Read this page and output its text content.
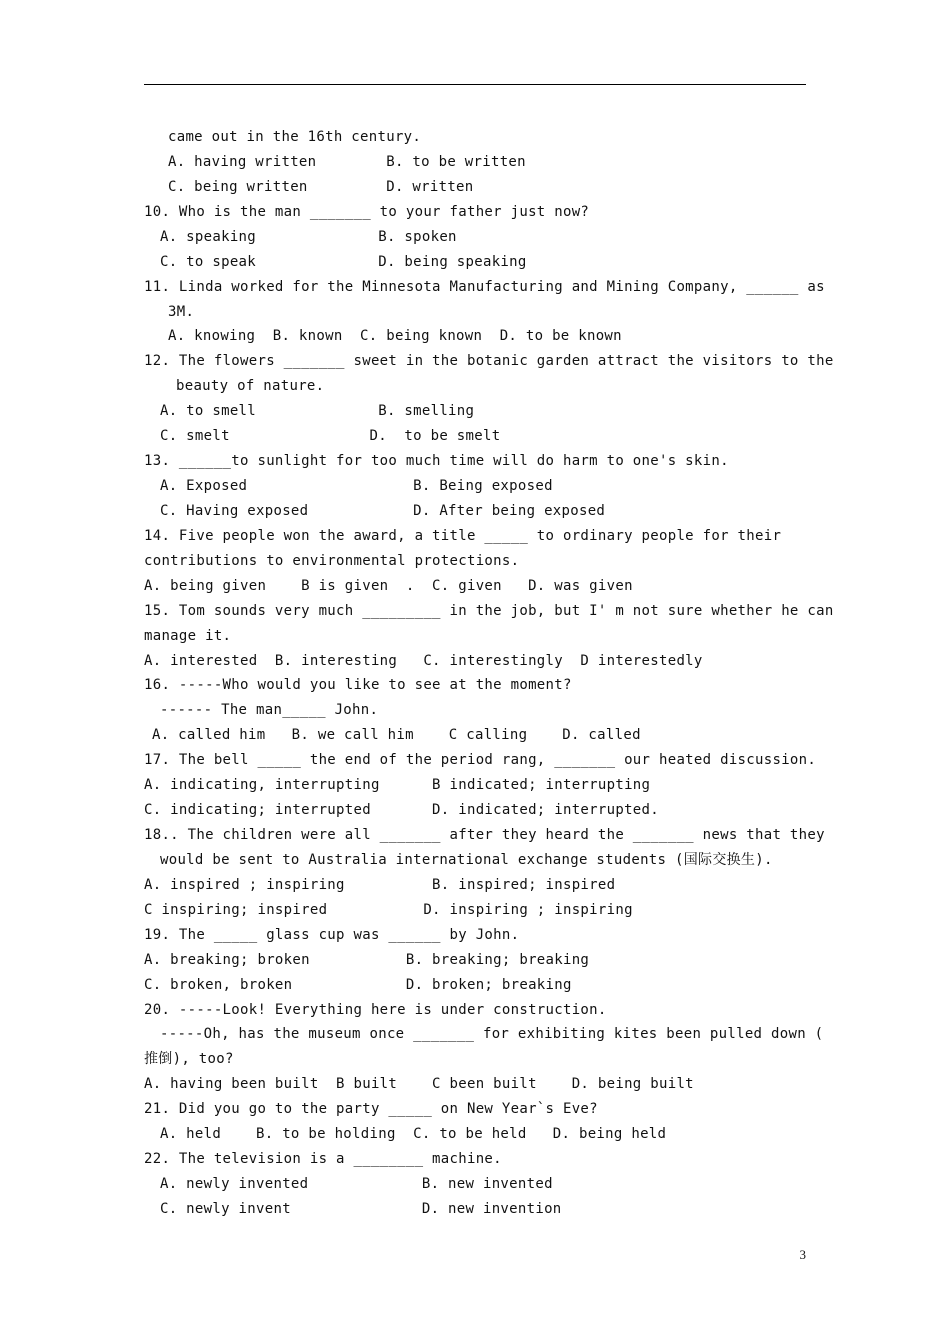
came out in the 16th century.
A. having written        B. to be written
C. being written         D. written
10. Who is the man _______ to your father just now?
A. speaking              B. spoken
C. to speak              D. being speaking
11. Linda worked for the Minnesota Manufacturing and Mining Company, ______ as
3M.
A. knowing  B. known  C. being known  D. to be known
12. The flowers _______ sweet in the botanic garden attract the visitors to the
beauty of nature.
A. to smell              B. smelling
C. smelt                D.  to be smelt
13. ______to sunlight for too much time will do harm to one's skin.
A. Exposed                   B. Being exposed
C. Having exposed            D. After being exposed
14. Five people won the award, a title _____ to ordinary people for their
contributions to environmental protections.
A. being given    B is given  .  C. given   D. was given
15. Tom sounds very much _________ in the job, but I' m not sure whether he can
manage it.
A. interested  B. interesting   C. interestingly  D interestedly
16. -----Who would you like to see at the moment?
------ The man_____ John.
A. called him   B. we call him    C calling    D. called
17. The bell _____ the end of the period rang, _______ our heated discussion.
A. indicating, interrupting      B indicated; interrupting
C. indicating; interrupted       D. indicated; interrupted.
18.. The children were all _______ after they heard the _______ news that they
would be sent to Australia international exchange students (国际交换生).
A. inspired ; inspiring          B. inspired; inspired
C inspiring; inspired           D. inspiring ; inspiring
19. The _____ glass cup was ______ by John.
A. breaking; broken           B. breaking; breaking
C. broken, broken             D. broken; breaking
20. -----Look! Everything here is under construction.
-----Oh, has the museum once _______ for exhibiting kites been pulled down (
推倒), too?
A. having been built  B built    C been built    D. being built
21. Did you go to the party _____ on New Year`s Eve?
A. held    B. to be holding  C. to be held   D. being held
22. The television is a ________ machine.
A. newly invented             B. new invented
C. newly invent               D. new invention
3
